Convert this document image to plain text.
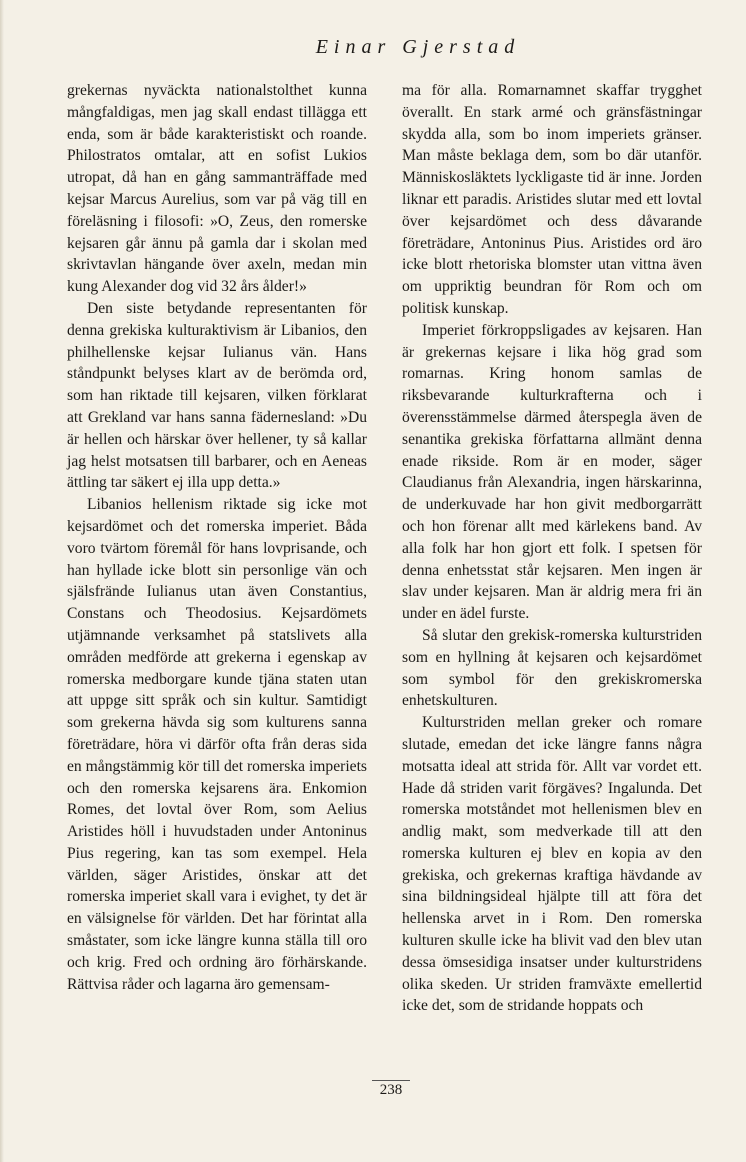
Einar Gjerstad

grekernas nyväckta nationalstolthet kunna mångfaldigas, men jag skall endast tillägga ett enda, som är både karakteristiskt och roande. Philostratos omtalar, att en sofist Lukios utropat, då han en gång sammanträffade med kejsar Marcus Aurelius, som var på väg till en föreläsning i filosofi: »O, Zeus, den romerske kejsaren går ännu på gamla dar i skolan med skrivtavlan hängande över axeln, medan min kung Alexander dog vid 32 års ålder!»

Den siste betydande representanten för denna grekiska kulturaktivism är Libanios, den philhellenske kejsar Iulianus vän. Hans ståndpunkt belyses klart av de berömda ord, som han riktade till kejsaren, vilken förklarat att Grekland var hans sanna fädernesland: »Du är hellen och härskar över hellener, ty så kallar jag helst motsatsen till barbarer, och en Aeneas ättling tar säkert ej illa upp detta.»

Libanios hellenism riktade sig icke mot kejsardömet och det romerska imperiet. Båda voro tvärtom föremål för hans lovprisande, och han hyllade icke blott sin personlige vän och själsfrände Iulianus utan även Constantius, Constans och Theodosius. Kejsardömets utjämnande verksamhet på statslivets alla områden medförde att grekerna i egenskap av romerska medborgare kunde tjäna staten utan att uppge sitt språk och sin kultur. Samtidigt som grekerna hävda sig som kulturens sanna företrädare, höra vi därför ofta från deras sida en mångstämmig kör till det romerska imperiets och den romerska kejsarens ära. Enkomion Romes, det lovtal över Rom, som Aelius Aristides höll i huvudstaden under Antoninus Pius regering, kan tas som exempel. Hela världen, säger Aristides, önskar att det romerska imperiet skall vara i evighet, ty det är en välsignelse för världen. Det har förintat alla småstater, som icke längre kunna ställa till oro och krig. Fred och ordning äro förhärskande. Rättvisa råder och lagarna äro gemensam-

ma för alla. Romarnamnet skaffar trygghet överallt. En stark armé och gränsfästningar skydda alla, som bo inom imperiets gränser. Man måste beklaga dem, som bo där utanför. Människosläktets lyckligaste tid är inne. Jorden liknar ett paradis. Aristides slutar med ett lovtal över kejsardömet och dess dåvarande företrädare, Antoninus Pius. Aristides ord äro icke blott rhetoriska blomster utan vittna även om uppriktig beundran för Rom och om politisk kunskap.

Imperiet förkroppsligades av kejsaren. Han är grekernas kejsare i lika hög grad som romarnas. Kring honom samlas de riksbevarande kulturkrafterna och i överensstämmelse därmed återspegla även de senantika grekiska författarna allmänt denna enade rikside. Rom är en moder, säger Claudianus från Alexandria, ingen härskarinna, de underkuvade har hon givit medborgarrätt och hon förenar allt med kärlekens band. Av alla folk har hon gjort ett folk. I spetsen för denna enhetsstat står kejsaren. Men ingen är slav under kejsaren. Man är aldrig mera fri än under en ädel furste.

Så slutar den grekisk-romerska kulturstriden som en hyllning åt kejsaren och kejsardömet som symbol för den grekiskromerska enhetskulturen.

Kulturstriden mellan greker och romare slutade, emedan det icke längre fanns några motsatta ideal att strida för. Allt var vordet ett. Hade då striden varit förgäves? Ingalunda. Det romerska motståndet mot hellenismen blev en andlig makt, som medverkade till att den romerska kulturen ej blev en kopia av den grekiska, och grekernas kraftiga hävdande av sina bildningsideal hjälpte till att föra det hellenska arvet in i Rom. Den romerska kulturen skulle icke ha blivit vad den blev utan dessa ömsesidiga insatser under kulturstridens olika skeden. Ur striden framväxte emellertid icke det, som de stridande hoppats och

238
